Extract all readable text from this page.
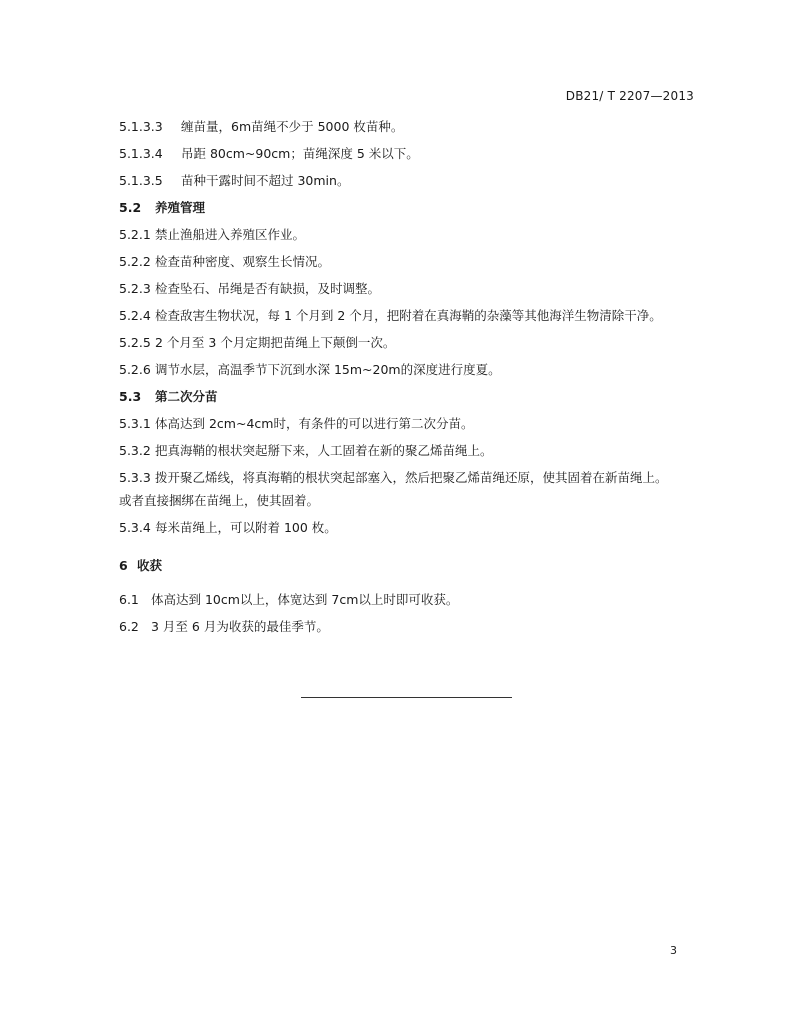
DB21/ T 2207—2013
5.1.3.3 缠苗量，6m苗绳不少于 5000 枚苗种。
5.1.3.4 吊距 80cm~90cm；苗绳深度 5 米以下。
5.1.3.5 苗种干露时间不超过 30min。
5.2 养殖管理
5.2.1 禁止渔船进入养殖区作业。
5.2.2 检查苗种密度、观察生长情况。
5.2.3 检查坠石、吊绳是否有缺损，及时调整。
5.2.4 检查敌害生物状况，每 1 个月到 2 个月，把附着在真海鞘的杂藻等其他海洋生物清除干净。
5.2.5 2 个月至 3 个月定期把苗绳上下颠倒一次。
5.2.6 调节水层，高温季节下沉到水深 15m~20m的深度进行度夏。
5.3 第二次分苗
5.3.1 体高达到 2cm~4cm时，有条件的可以进行第二次分苗。
5.3.2 把真海鞘的根状突起掰下来，人工固着在新的聚乙烯苗绳上。
5.3.3 拨开聚乙烯线，将真海鞘的根状突起部塞入，然后把聚乙烯苗绳还原，使其固着在新苗绳上。
或者直接捆绑在苗绳上，使其固着。
5.3.4 每米苗绳上，可以附着 100 枚。
6 收获
6.1 体高达到 10cm以上，体宽达到 7cm以上时即可收获。
6.2 3 月至 6 月为收获的最佳季节。
3
